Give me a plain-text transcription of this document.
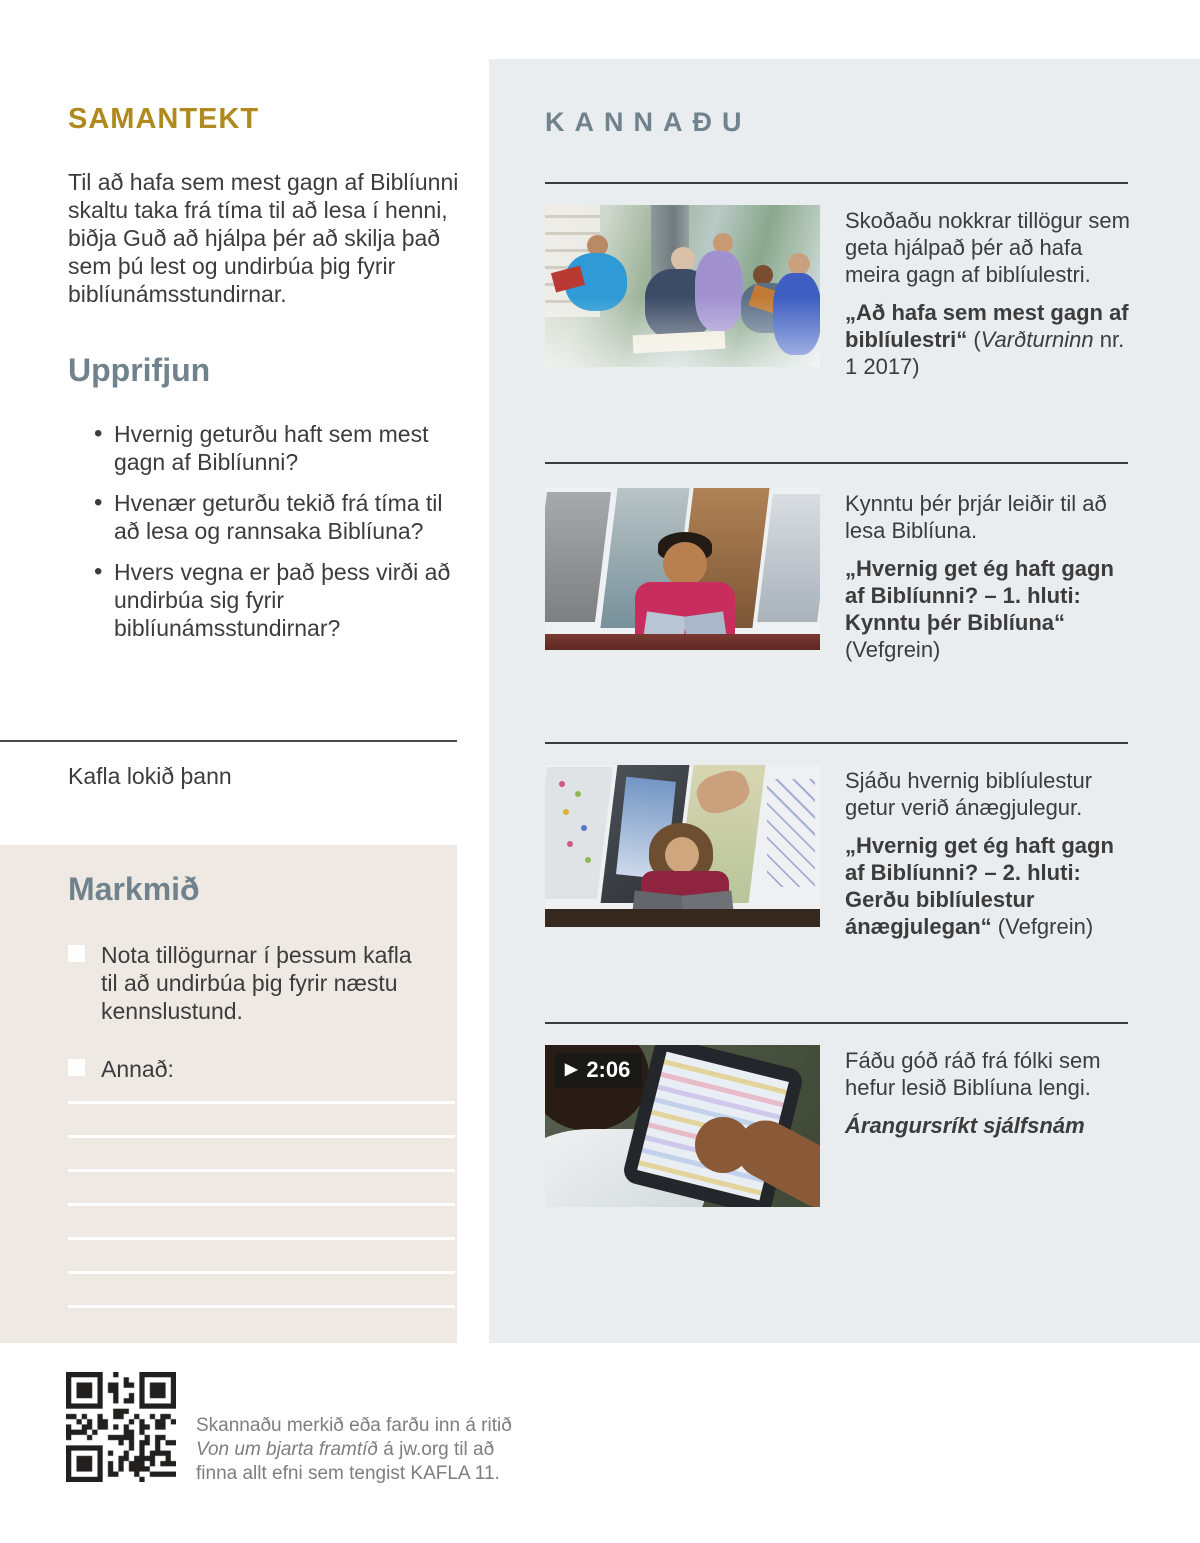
SAMANTEKT

Til að hafa sem mest gagn af Biblíunni skaltu taka frá tíma til að lesa í henni, biðja Guð að hjálpa þér að skilja það sem þú lest og undirbúa þig fyrir biblíunámsstundirnar.

Upprifjun
• Hvernig geturðu haft sem mest gagn af Biblíunni?
• Hvenær geturðu tekið frá tíma til að lesa og rannsaka Biblíuna?
• Hvers vegna er það þess virði að undirbúa sig fyrir biblíunámsstundirnar?

Kafla lokið þann

Markmið
Nota tillögurnar í þessum kafla til að undirbúa þig fyrir næstu kennslustund.
Annað:
Skannaðu merkið eða farðu inn á ritið
Von um bjarta framtíð á jw.org til að
finna allt efni sem tengist KAFLA 11.
KANNAÐU

Skoðaðu nokkrar tillögur sem geta hjálpað þér að hafa meira gagn af biblíulestri.

„Að hafa sem mest gagn af biblíulestri“ (Varðturninn nr. 1 2017)

Kynntu þér þrjár leiðir til að lesa Biblíuna.

„Hvernig get ég haft gagn af Biblíunni? – 1. hluti: Kynntu þér Biblíuna“ (Vefgrein)

Sjáðu hvernig biblíulestur getur verið ánægjulegur.

„Hvernig get ég haft gagn af Biblíunni? – 2. hluti: Gerðu biblíulestur ánægjulegan“ (Vefgrein)

▶ 2:06	Fáðu góð ráð frá fólki sem hefur lesið Biblíuna lengi.

Árangursríkt sjálfsnám
